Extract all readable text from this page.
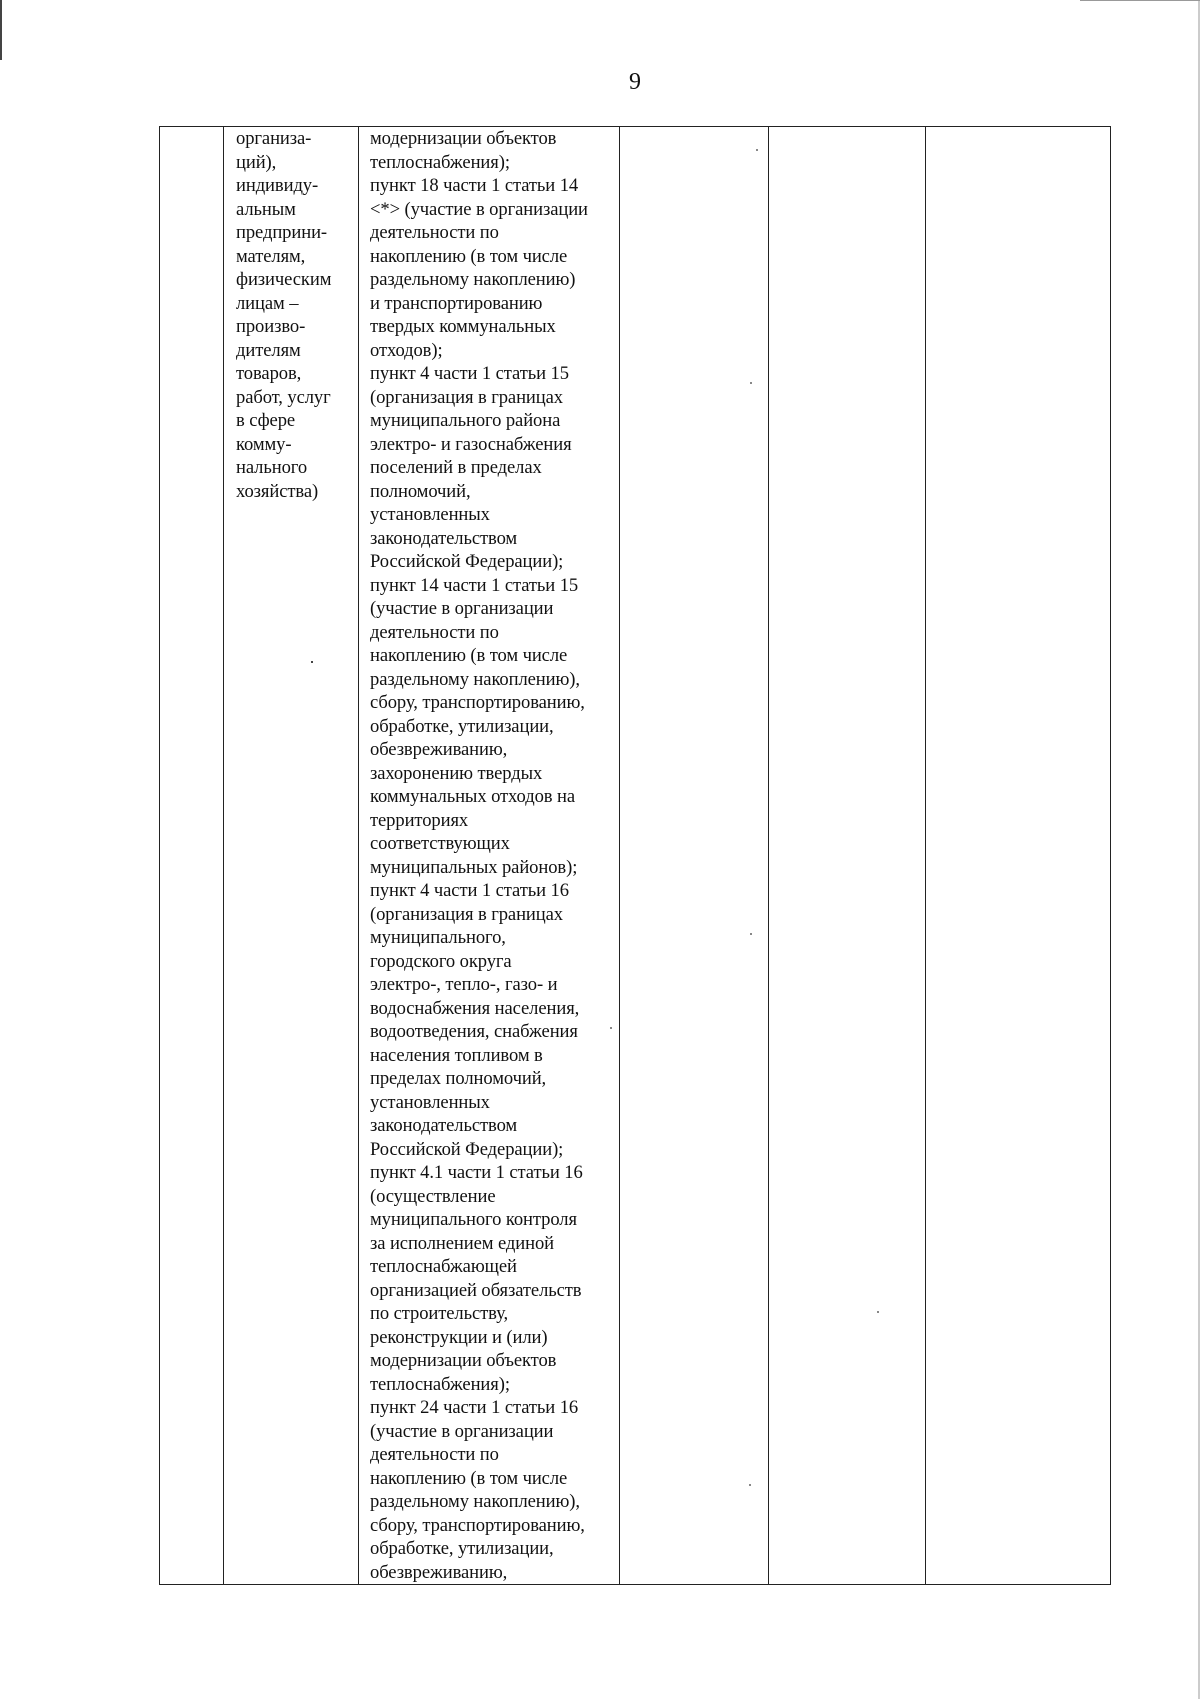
9

организа-
ций),
индивиду-
альным
предприни-
мателям,
физическим
лицам –
произво-
дителям
товаров,
работ, услуг
в сфере
комму-
нального
хозяйства)

модернизации объектов
теплоснабжения);
пункт 18 части 1 статьи 14
<*> (участие в организации
деятельности по
накоплению (в том числе
раздельному накоплению)
и транспортированию
твердых коммунальных
отходов);
пункт 4 части 1 статьи 15
(организация в границах
муниципального района
электро- и газоснабжения
поселений в пределах
полномочий,
установленных
законодательством
Российской Федерации);
пункт 14 части 1 статьи 15
(участие в организации
деятельности по
накоплению (в том числе
раздельному накоплению),
сбору, транспортированию,
обработке, утилизации,
обезвреживанию,
захоронению твердых
коммунальных отходов на
территориях
соответствующих
муниципальных районов);
пункт 4 части 1 статьи 16
(организация в границах
муниципального,
городского округа
электро-, тепло-, газо- и
водоснабжения населения,
водоотведения, снабжения
населения топливом в
пределах полномочий,
установленных
законодательством
Российской Федерации);
пункт 4.1 части 1 статьи 16
(осуществление
муниципального контроля
за исполнением единой
теплоснабжающей
организацией обязательств
по строительству,
реконструкции и (или)
модернизации объектов
теплоснабжения);
пункт 24 части 1 статьи 16
(участие в организации
деятельности по
накоплению (в том числе
раздельному накоплению),
сбору, транспортированию,
обработке, утилизации,
обезвреживанию,
